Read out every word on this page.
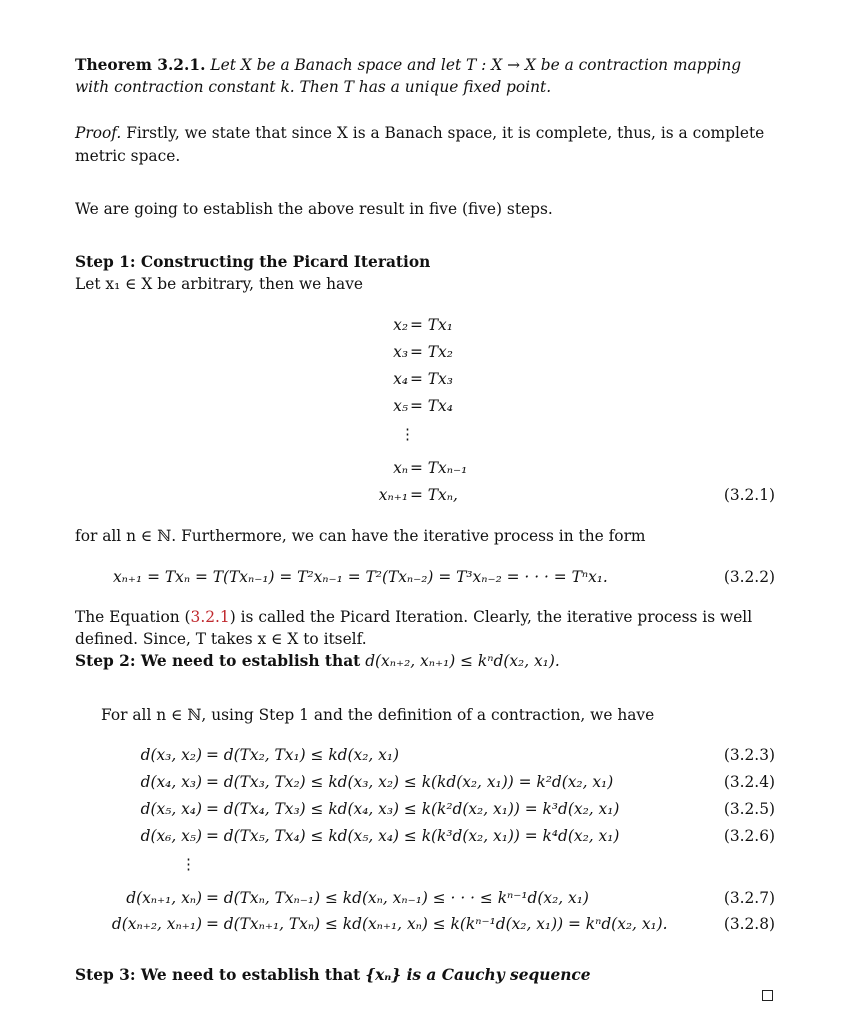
Theorem 3.2.1. Let X be a Banach space and let T : X → X be a contraction mapping
with contraction constant k. Then T has a unique fixed point.
Proof. Firstly, we state that since X is a Banach space, it is complete, thus, is a complete
metric space.
We are going to establish the above result in five (five) steps.
Step 1: Constructing the Picard Iteration
Let x₁ ∈ X be arbitrary, then we have
x₂ = Tx₁
x₃ = Tx₂
x₄ = Tx₃
x₅ = Tx₄
⋮
xₙ = Txₙ₋₁
xₙ₊₁ = Txₙ,	(3.2.1)
for all n ∈ ℕ. Furthermore, we can have the iterative process in the form
xₙ₊₁ = Txₙ = T(Txₙ₋₁) = T²xₙ₋₁ = T²(Txₙ₋₂) = T³xₙ₋₂ = · · · = Tⁿx₁.	(3.2.2)
The Equation (3.2.1) is called the Picard Iteration. Clearly, the iterative process is well
defined. Since, T takes x ∈ X to itself.
Step 2: We need to establish that d(xₙ₊₂, xₙ₊₁) ≤ kⁿd(x₂, x₁).
For all n ∈ ℕ, using Step 1 and the definition of a contraction, we have
d(x₃, x₂) = d(Tx₂, Tx₁) ≤ kd(x₂, x₁)	(3.2.3)
d(x₄, x₃) = d(Tx₃, Tx₂) ≤ kd(x₃, x₂) ≤ k(kd(x₂, x₁)) = k²d(x₂, x₁)	(3.2.4)
d(x₅, x₄) = d(Tx₄, Tx₃) ≤ kd(x₄, x₃) ≤ k(k²d(x₂, x₁)) = k³d(x₂, x₁)	(3.2.5)
d(x₆, x₅) = d(Tx₅, Tx₄) ≤ kd(x₅, x₄) ≤ k(k³d(x₂, x₁)) = k⁴d(x₂, x₁)	(3.2.6)
⋮
d(xₙ₊₁, xₙ) = d(Txₙ, Txₙ₋₁) ≤ kd(xₙ, xₙ₋₁) ≤ · · · ≤ kⁿ⁻¹d(x₂, x₁)	(3.2.7)
d(xₙ₊₂, xₙ₊₁) = d(Txₙ₊₁, Txₙ) ≤ kd(xₙ₊₁, xₙ) ≤ k(kⁿ⁻¹d(x₂, x₁)) = kⁿd(x₂, x₁).	(3.2.8)
Step 3: We need to establish that {xₙ} is a Cauchy sequence
